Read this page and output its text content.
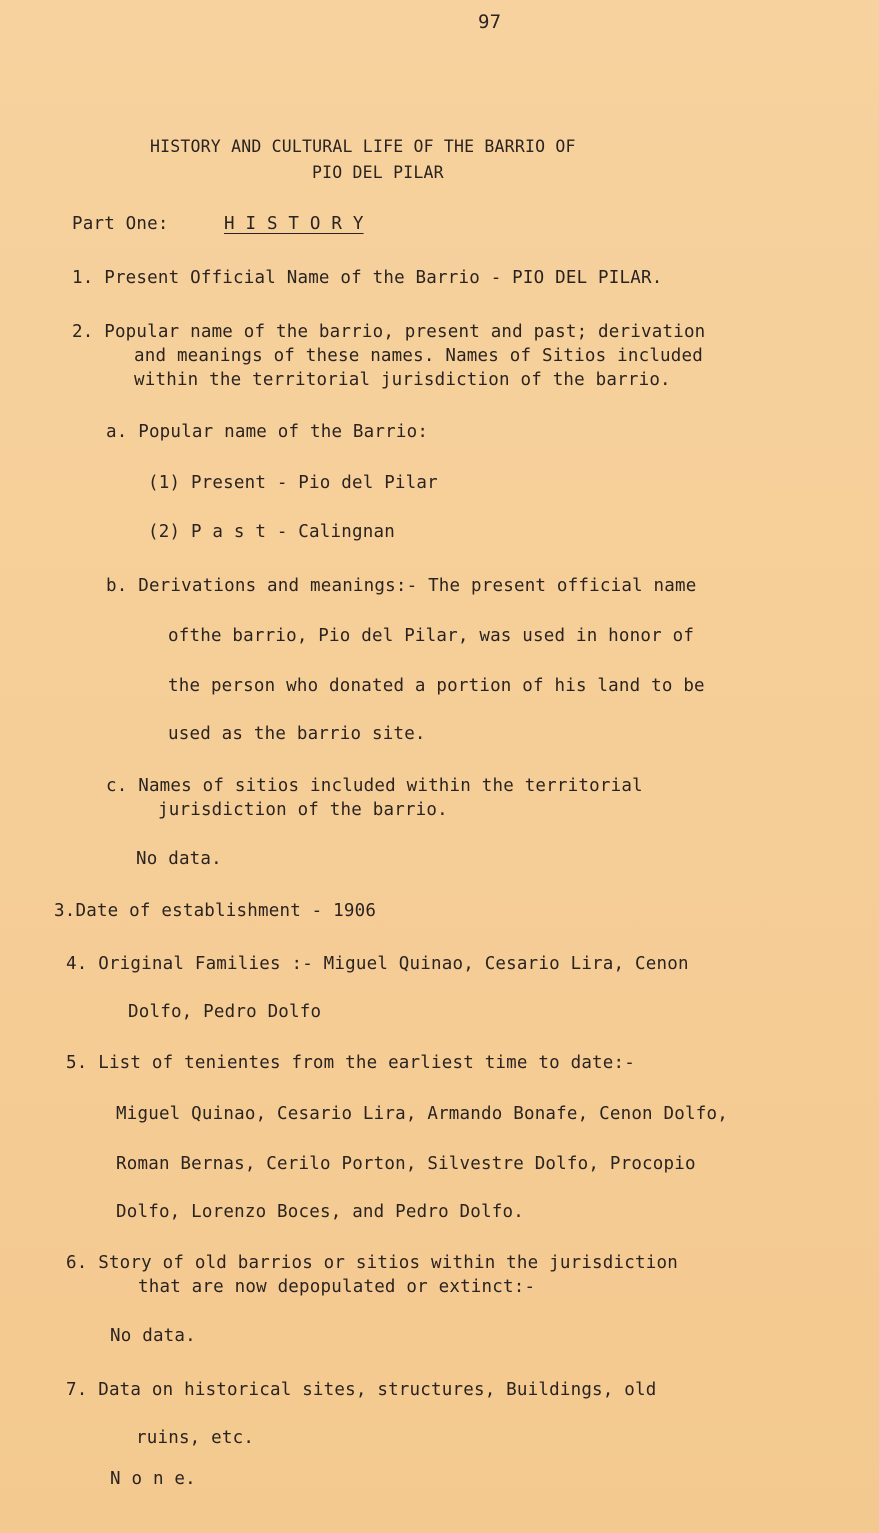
97
HISTORY AND CULTURAL LIFE OF THE BARRIO OF
PIO DEL PILAR
Part One:	H I S T O R Y
1. Present Official Name of the Barrio - PIO DEL PILAR.
2. Popular name of the barrio, present and past; derivation
and meanings of these names. Names of Sitios included
within the territorial jurisdiction of the barrio.
a. Popular name of the Barrio:
(1) Present - Pio del Pilar
(2) P a s t - Calingnan
b. Derivations and meanings:- The present official name
ofthe barrio, Pio del Pilar, was used in honor of
the person who donated a portion of his land to be
used as the barrio site.
c. Names of sitios included within the territorial
jurisdiction of the barrio.
No data.
3.Date of establishment - 1906
4. Original Families :- Miguel Quinao, Cesario Lira, Cenon
Dolfo, Pedro Dolfo
5. List of tenientes from the earliest time to date:-
Miguel Quinao, Cesario Lira, Armando Bonafe, Cenon Dolfo,
Roman Bernas, Cerilo Porton, Silvestre Dolfo, Procopio
Dolfo, Lorenzo Boces, and Pedro Dolfo.
6. Story of old barrios or sitios within the jurisdiction
that are now depopulated or extinct:-
No data.
7. Data on historical sites, structures, Buildings, old
ruins, etc.
N o n e.
